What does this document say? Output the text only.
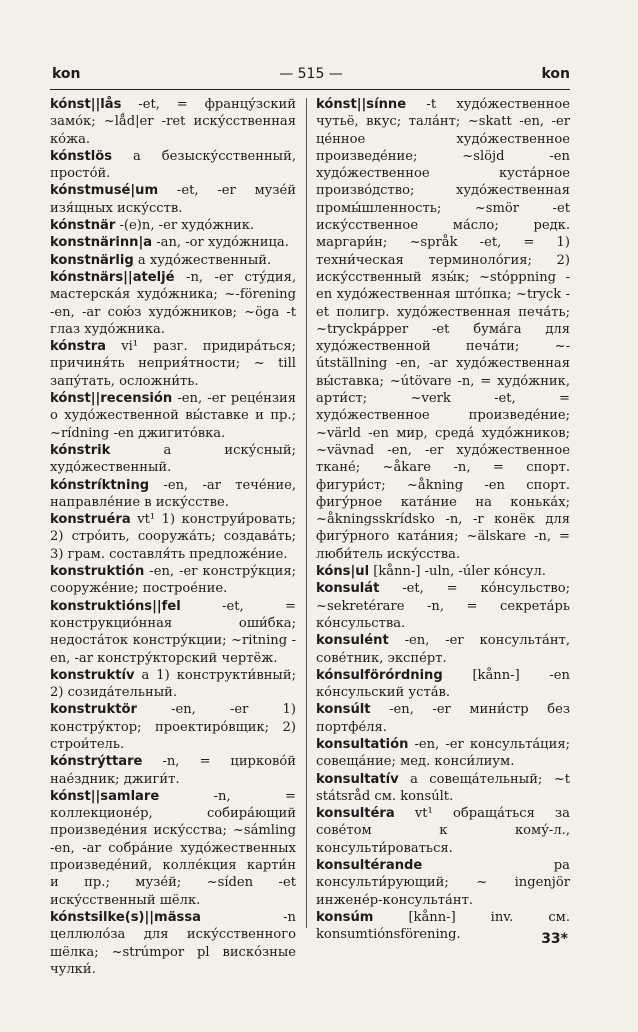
kon	— 515 —	kon

kónst||lås -et, = францу́зский замо́к; ~lǻd|er -ret иску́сственная ко́жа.

kónstlös a безыску́сственный, просто́й.

kónstmusé|um -et, -er музе́й изя́щных иску́сств.

kónstnär -(e)n, -er худо́жник.

konstnärinn|a -an, -or худо́жница.

konstnärlig a худо́жественный.

kónstnärs||ateljé -n, -er сту́дия, мастерска́я худо́жника; ~-förening -en, -ar сою́з худо́жников; ~öga -t глаз худо́жника.

kónstra vi¹ разг. придира́ться; причиня́ть неприя́тности; ~ till запу́тать, осложни́ть.

kónst||recensión -en, -er реце́нзия о худо́жественной вы́ставке и пр.; ~rídning -en джигито́вка.

kónstrik a иску́сный; худо́жественный.

kónstríktning -en, -ar тече́ние, направле́ние в иску́сстве.

konstruéra vt¹ 1) конструи́ровать; 2) стро́ить, сооружа́ть; создава́ть; 3) грам. составля́ть предложе́ние.

konstruktión -en, -er констру́кция; сооруже́ние; построе́ние.

konstruktións||fel -et, = конструкцио́нная оши́бка; недоста́ток констру́кции; ~ritning -en, -ar констру́кторский чертёж.

konstruktív a 1) конструкти́вный; 2) созида́тельный.

konstruktör -en, -er 1) констру́ктор; проектиро́вщик; 2) строи́тель.

kónstrýttare -n, = цирково́й нае́здник; джиги́т.

kónst||samlare -n, = коллекционе́р, собира́ющий произведе́ния иску́сства; ~sámling -en, -ar собра́ние худо́жественных произведе́ний, колле́кция карти́н и пр.; музе́й; ~síden -et иску́сственный шёлк.

kónstsilke(s)||mässa -n целлюло́за для иску́сственного шёлка; ~strúmpor pl вискóзные чулки́.

kónst||sínne -t худо́жественное чутьё, вкус; тала́нт; ~skatt -en, -er це́нное худо́жественное произведе́ние; ~slöjd -en худо́жественное куста́рное произво́дство; худо́жественная промы́шленность; ~smör -et иску́сственное ма́сло; редк. маргари́н; ~språk -et, = 1) техни́ческая терминоло́гия; 2) иску́сственный язы́к; ~stóppning -en худо́жественная што́пка; ~tryck -et полигр. худо́жественная печа́ть; ~tryckpápper -et бума́га для худо́жественной печа́ти; ~-útställning -en, -ar худо́жественная вы́ставка; ~útövare -n, = худо́жник, арти́ст; ~verk -et, = худо́жественное произведе́ние; ~värld -en мир, среда́ худо́жников; ~vävnad -en, -er худо́жественное ткане́; ~åkare -n, = спорт. фигури́ст; ~åkning -en спорт. фигу́рное ката́ние на конька́х; ~åkningsskrídsko -n, -r конёк для фигу́рного ката́ния; ~älskare -n, = люби́тель иску́сства.

kóns|ul [kånn-] -uln, -úler ко́нсул.

konsulát -et, = ко́нсульство; ~sekretérare -n, = секрета́рь ко́нсульства.

konsulént -en, -er консульта́нт, сове́тник, экспе́рт.

kónsulförórdning [kånn-] -en ко́нсульский уста́в.

konsúlt -en, -er мини́стр без портфе́ля.

konsultatión -en, -er консульта́ция; совеща́ние; мед. конси́лиум.

konsultatív a совеща́тельный; ~t státsråd см. konsúlt.

konsultéra vt¹ обраща́ться за сове́том к кому́-л., консульти́роваться.

konsultérande pa консульти́рующий; ~ ingenjör инжене́р-консульта́нт.

konsúm [kånn-] inv. см. konsumtiónsförening.	33*
